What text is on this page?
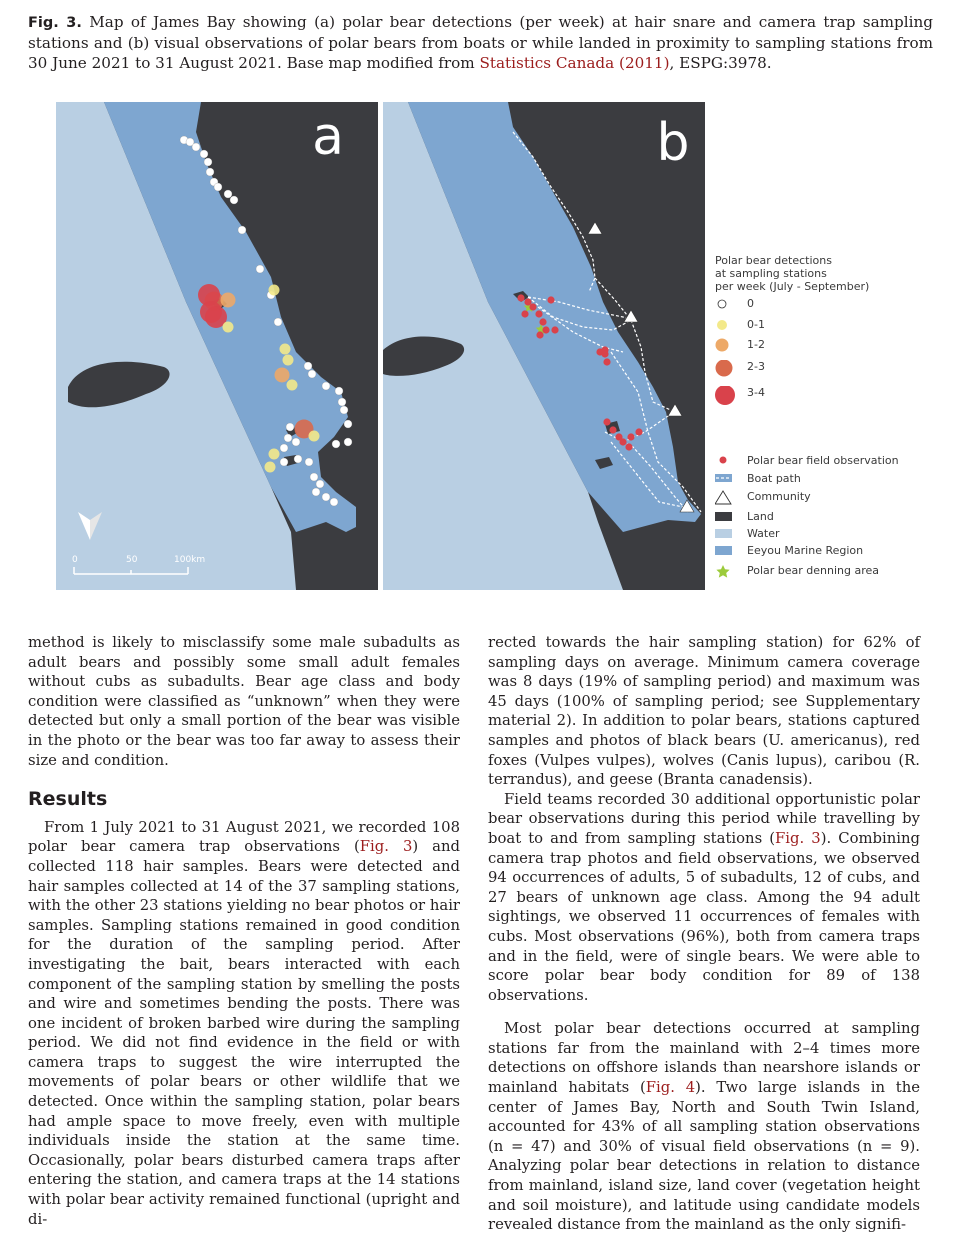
Fig. 3. Map of James Bay showing (a) polar bear detections (per week) at hair snare and camera trap sampling stations and (b) visual observations of polar bears from boats or while landed in proximity to sampling stations from 30 June 2021 to 31 August 2021. Base map modified from Statistics Canada (2011), ESPG:3978.
a
0	50	100km
b
Polar bear detections
at sampling stations
per week (July - September)
0
0-1
1-2
2-3
3-4
Polar bear field observation
Boat path
Community
Land
Water
Eeyou Marine Region
Polar bear denning area

method is likely to misclassify some male subadults as adult bears and possibly some small adult females without cubs as subadults. Bear age class and body condition were classified as “unknown” when they were detected but only a small portion of the bear was visible in the photo or the bear was too far away to assess their size and condition.

Results

From 1 July 2021 to 31 August 2021, we recorded 108 polar bear camera trap observations (Fig. 3) and collected 118 hair samples. Bears were detected and hair samples collected at 14 of the 37 sampling stations, with the other 23 stations yielding no bear photos or hair samples. Sampling stations remained in good condition for the duration of the sampling period. After investigating the bait, bears interacted with each component of the sampling station by smelling the posts and wire and sometimes bending the posts. There was one incident of broken barbed wire during the sampling period. We did not find evidence in the field or with camera traps to suggest the wire interrupted the movements of polar bears or other wildlife that we detected. Once within the sampling station, polar bears had ample space to move freely, even with multiple individuals inside the station at the same time. Occasionally, polar bears disturbed camera traps after entering the station, and camera traps at the 14 stations with polar bear activity remained functional (upright and di-

rected towards the hair sampling station) for 62% of sampling days on average. Minimum camera coverage was 8 days (19% of sampling period) and maximum was 45 days (100% of sampling period; see Supplementary material 2). In addition to polar bears, stations captured samples and photos of black bears (U. americanus), red foxes (Vulpes vulpes), wolves (Canis lupus), caribou (R. terrandus), and geese (Branta canadensis).

Field teams recorded 30 additional opportunistic polar bear observations during this period while travelling by boat to and from sampling stations (Fig. 3). Combining camera trap photos and field observations, we observed 94 occurrences of adults, 5 of subadults, 12 of cubs, and 27 bears of unknown age class. Among the 94 adult sightings, we observed 11 occurrences of females with cubs. Most observations (96%), both from camera traps and in the field, were of single bears. We were able to score polar bear body condition for 89 of 138 observations.

Most polar bear detections occurred at sampling stations far from the mainland with 2–4 times more detections on offshore islands than nearshore islands or mainland habitats (Fig. 4). Two large islands in the center of James Bay, North and South Twin Island, accounted for 43% of all sampling station observations (n = 47) and 30% of visual field observations (n = 9). Analyzing polar bear detections in relation to distance from mainland, island size, land cover (vegetation height and soil moisture), and latitude using candidate models revealed distance from the mainland as the only signifi-
